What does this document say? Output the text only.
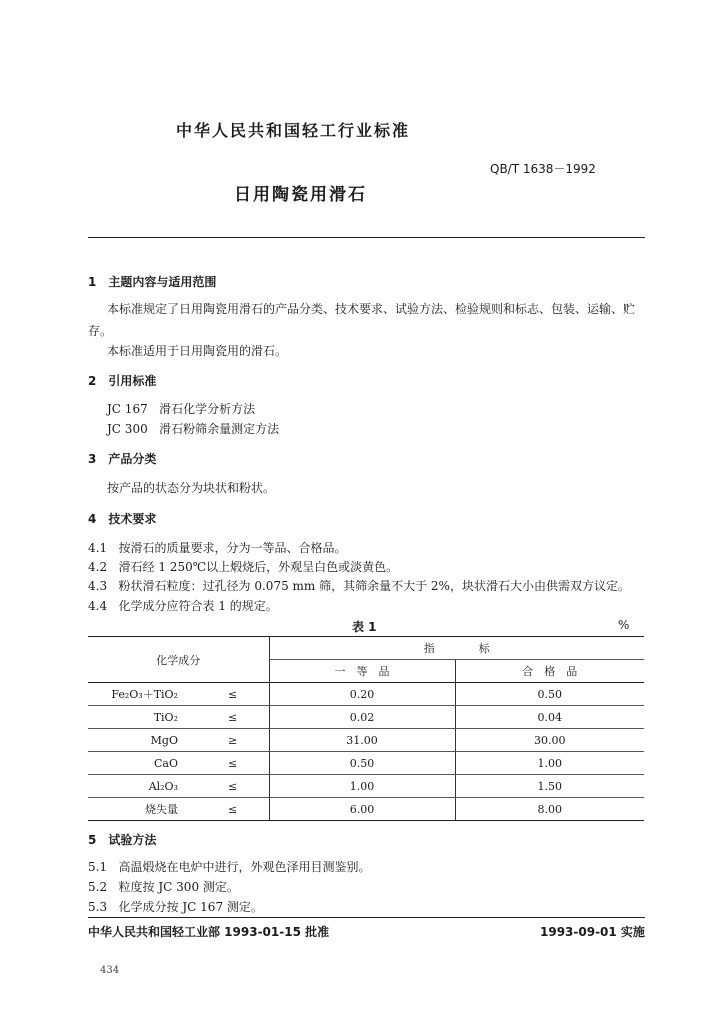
中华人民共和国轻工行业标准
QB/T 1638－1992
日用陶瓷用滑石
1　主题内容与适用范围
本标准规定了日用陶瓷用滑石的产品分类、技术要求、试验方法、检验规则和标志、包装、运输、贮
存。
本标准适用于日用陶瓷用的滑石。
2　引用标准
JC 167 滑石化学分析方法
JC 300 滑石粉筛余量测定方法
3　产品分类
按产品的状态分为块状和粉状。
4　技术要求
4.1 按滑石的质量要求，分为一等品、合格品。
4.2 滑石经 1 250℃以上煅烧后，外观呈白色或淡黄色。
4.3 粉状滑石粒度：过孔径为 0.075 mm 筛，其筛余量不大于 2%，块状滑石大小由供需双方议定。
4.4 化学成分应符合表 1 的规定。
表 1	%
化学成分		指　　　　标	
		一　等　品	合　格　品
Fe₂O₃＋TiO₂	≤	0.20	0.50
TiO₂	≤	0.02	0.04
MgO	≥	31.00	30.00
CaO	≤	0.50	1.00
Al₂O₃	≤	1.00	1.50
烧失量	≤	6.00	8.00
5　试验方法
5.1 高温煅烧在电炉中进行，外观色泽用目测鉴别。
5.2 粒度按 JC 300 测定。
5.3 化学成分按 JC 167 测定。
中华人民共和国轻工业部 1993-01-15 批准	1993-09-01 实施
434
